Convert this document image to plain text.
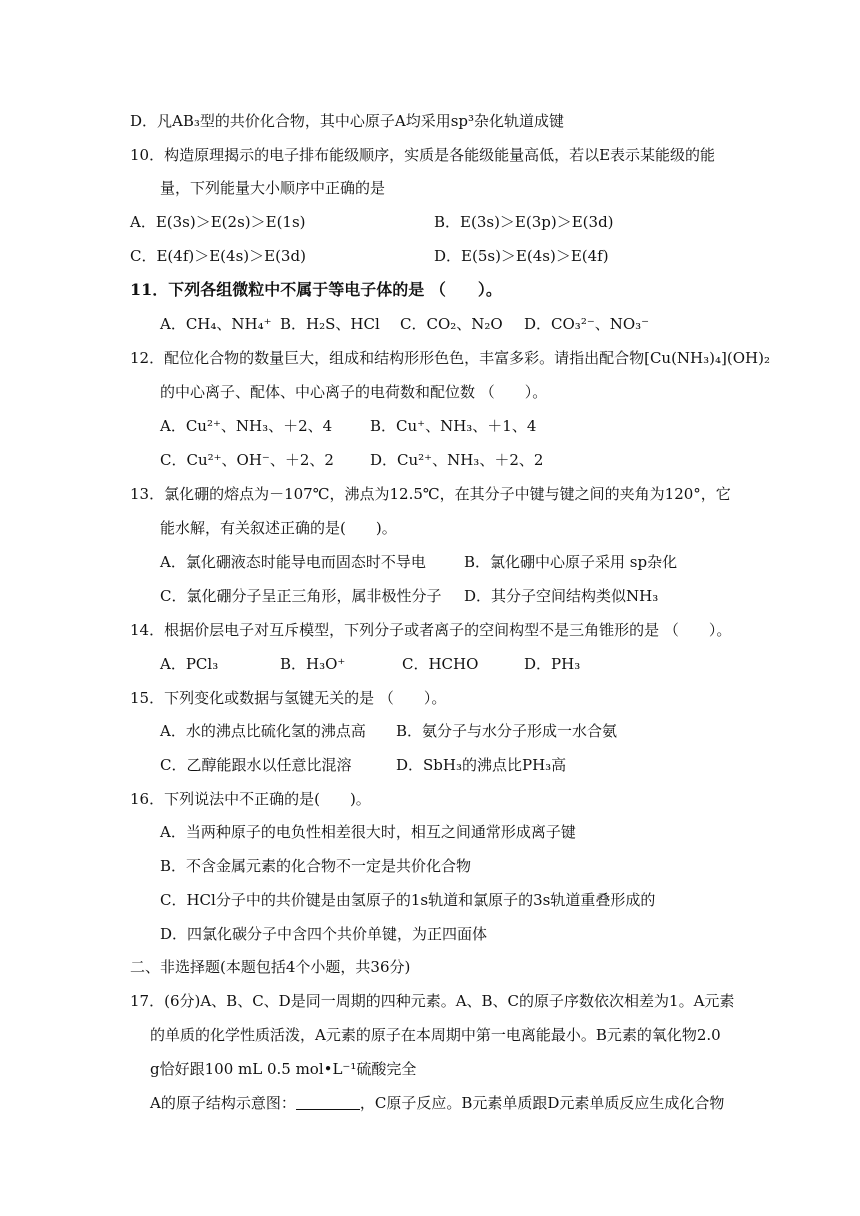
D．凡AB₃型的共价化合物，其中心原子A均采用sp³杂化轨道成键
10．构造原理揭示的电子排布能级顺序，实质是各能级能量高低，若以E表示某能级的能
量，下列能量大小顺序中正确的是
A．E(3s)＞E(2s)＞E(1s)	B．E(3s)＞E(3p)＞E(3d)
C．E(4f)＞E(4s)＞E(3d)	D．E(5s)＞E(4s)＞E(4f)
11．下列各组微粒中不属于等电子体的是 （　　）。
A．CH₄、NH₄⁺ B．H₂S、HCl C．CO₂、N₂O D．CO₃²⁻、NO₃⁻
12．配位化合物的数量巨大，组成和结构形形色色，丰富多彩。请指出配合物[Cu(NH₃)₄](OH)₂
的中心离子、配体、中心离子的电荷数和配位数 （　　）。
A．Cu²⁺、NH₃、＋2、4	B．Cu⁺、NH₃、＋1、4
C．Cu²⁺、OH⁻、＋2、2 D．Cu²⁺、NH₃、＋2、2
13．氯化硼的熔点为－107℃，沸点为12.5℃，在其分子中键与键之间的夹角为120°，它
能水解，有关叙述正确的是(　　)。
A．氯化硼液态时能导电而固态时不导电	B．氯化硼中心原子采用 sp杂化
C．氯化硼分子呈正三角形，属非极性分子 D．其分子空间结构类似NH₃
14．根据价层电子对互斥模型，下列分子或者离子的空间构型不是三角锥形的是 （　　）。
A．PCl₃	B．H₃O⁺	C．HCHO	D．PH₃
15．下列变化或数据与氢键无关的是 （　　）。
A．水的沸点比硫化氢的沸点高 B．氨分子与水分子形成一水合氨
C．乙醇能跟水以任意比混溶	D．SbH₃的沸点比PH₃高
16．下列说法中不正确的是(　　)。
A．当两种原子的电负性相差很大时，相互之间通常形成离子键
B．不含金属元素的化合物不一定是共价化合物
C．HCl分子中的共价键是由氢原子的1s轨道和氯原子的3s轨道重叠形成的
D．四氯化碳分子中含四个共价单键，为正四面体
二、非选择题(本题包括4个小题，共36分)
17．(6分)A、B、C、D是同一周期的四种元素。A、B、C的原子序数依次相差为1。A元素
的单质的化学性质活泼，A元素的原子在本周期中第一电离能最小。B元素的氧化物2.0
g恰好跟100 mL 0.5 mol•L⁻¹硫酸完全
A的原子结构示意图：	，C原子反应。B元素单质跟D元素单质反应生成化合物
